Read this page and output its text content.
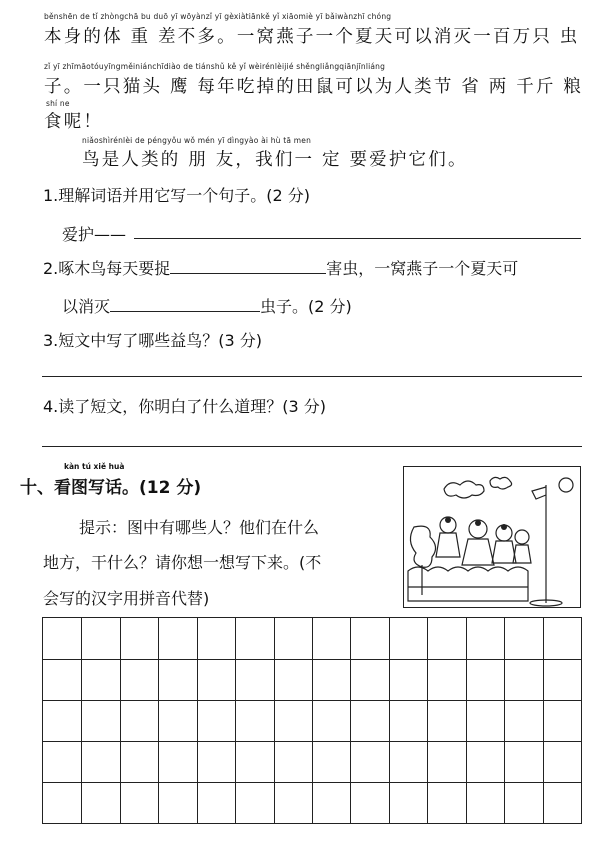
běnshēn de tǐ zhòngchā bu duō yī wōyànzǐ yī gèxiàtiānkě yǐ xiāomiè yī bǎiwànzhī chóng
本身的体 重 差不多。一窝燕子一个夏天可以消灭一百万只 虫
zǐ yī zhīmāotóuyīngměiniánchīdiào de tiánshǔ kě yǐ wèirénlèijié shěngliǎngqiānjīnliáng
子。一只猫头 鹰 每年吃掉的田鼠可以为人类节 省 两 千斤 粮
shí ne
食呢！
niǎoshìrénlèi de péngyǒu wǒ mén yī dìngyào ài hù tā men
鸟是人类的 朋 友，我们一 定 要爱护它们。
1.理解词语并用它写一个句子。(2 分)
爱护——
2.啄木鸟每天要捉	害虫，一窝燕子一个夏天可
以消灭	虫子。(2 分)
3.短文中写了哪些益鸟？(3 分)
4.读了短文，你明白了什么道理？(3 分)
kàn tú xiě huà
十、看图写话。(12 分)
提示：图中有哪些人？他们在什么
地方，干什么？请你想一想写下来。(不
会写的汉字用拼音代替)
